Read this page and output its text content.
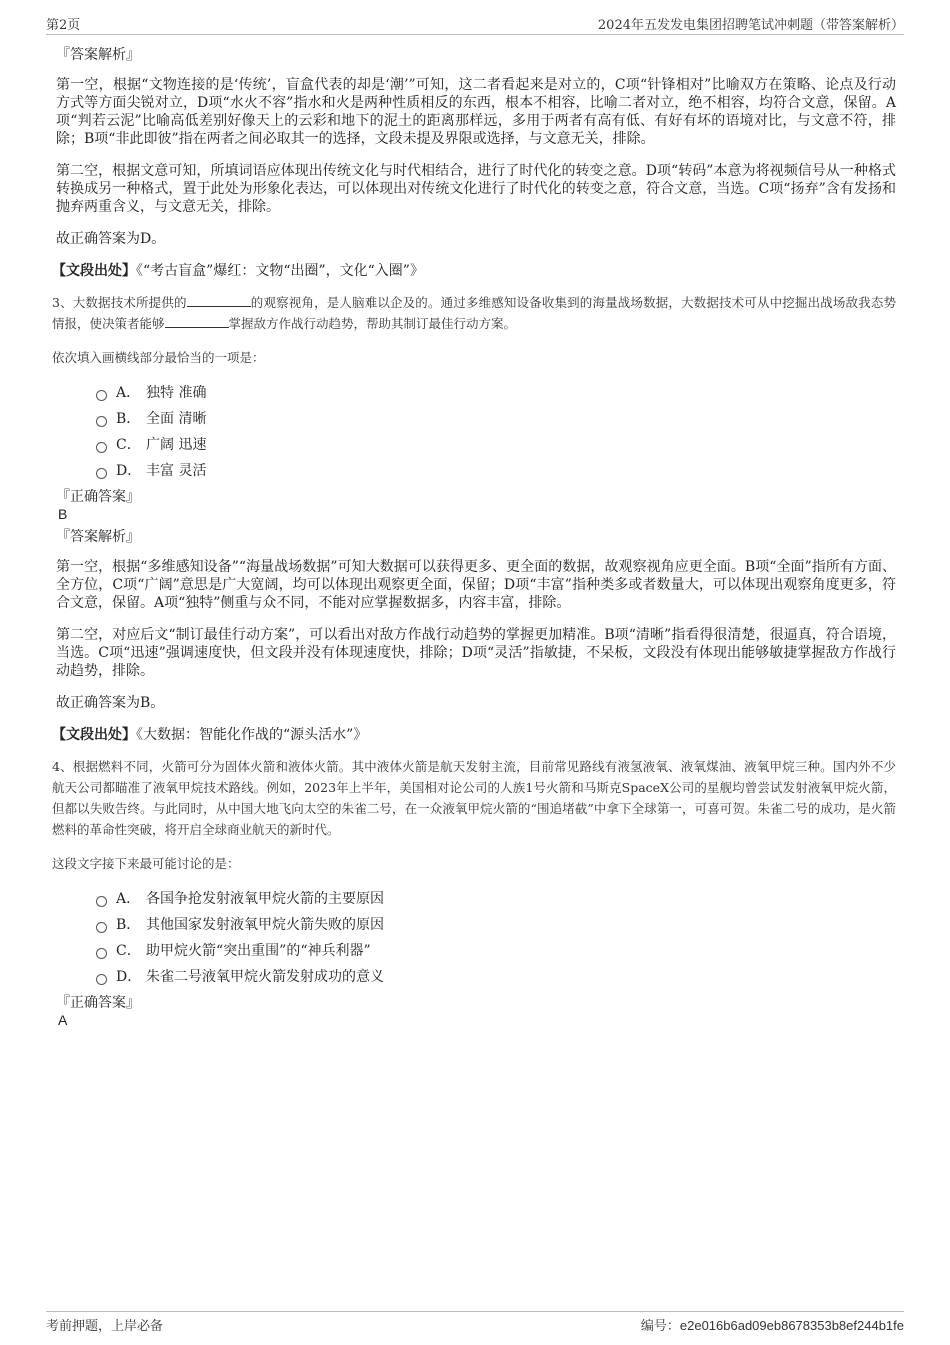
第2页	2024年五发发电集团招聘笔试冲刺题（带答案解析）
『答案解析』
第一空，根据“文物连接的是‘传统’，盲盒代表的却是‘潮’”可知，这二者看起来是对立的，C项“针锋相对”比喻双方在策略、论点及行动方式等方面尖锐对立，D项“水火不容”指水和火是两种性质相反的东西，根本不相容，比喻二者对立，绝不相容，均符合文意，保留。A项“判若云泥”比喻高低差别好像天上的云彩和地下的泥土的距离那样远，多用于两者有高有低、有好有坏的语境对比，与文意不符，排除；B项“非此即彼”指在两者之间必取其一的选择，文段未提及界限或选择，与文意无关，排除。
第二空，根据文意可知，所填词语应体现出传统文化与时代相结合，进行了时代化的转变之意。D项“转码”本意为将视频信号从一种格式转换成另一种格式，置于此处为形象化表达，可以体现出对传统文化进行了时代化的转变之意，符合文意，当选。C项“扬弃”含有发扬和抛弃两重含义，与文意无关，排除。
故正确答案为D。
【文段出处】《“考古盲盒”爆红：文物“出圈”，文化“入圈”》
3、大数据技术所提供的	的观察视角，是人脑难以企及的。通过多维感知设备收集到的海量战场数据，大数据技术可从中挖掘出战场敌我态势情报，使决策者能够	掌握敌方作战行动趋势，帮助其制订最佳行动方案。
依次填入画横线部分最恰当的一项是：
A． 独特 准确
B． 全面 清晰
C． 广阔 迅速
D． 丰富 灵活
『正确答案』
B
『答案解析』
第一空，根据“多维感知设备”“海量战场数据”可知大数据可以获得更多、更全面的数据，故观察视角应更全面。B项“全面”指所有方面、全方位，C项“广阔”意思是广大宽阔，均可以体现出观察更全面，保留；D项“丰富”指种类多或者数量大，可以体现出观察角度更多，符合文意，保留。A项“独特”侧重与众不同，不能对应掌握数据多，内容丰富，排除。
第二空，对应后文“制订最佳行动方案”，可以看出对敌方作战行动趋势的掌握更加精准。B项“清晰”指看得很清楚，很逼真，符合语境，当选。C项“迅速”强调速度快，但文段并没有体现速度快，排除；D项“灵活”指敏捷，不呆板，文段没有体现出能够敏捷掌握敌方作战行动趋势，排除。
故正确答案为B。
【文段出处】《大数据：智能化作战的“源头活水”》
4、根据燃料不同，火箭可分为固体火箭和液体火箭。其中液体火箭是航天发射主流，目前常见路线有液氢液氧、液氧煤油、液氧甲烷三种。国内外不少航天公司都瞄准了液氧甲烷技术路线。例如，2023年上半年，美国相对论公司的人族1号火箭和马斯克SpaceX公司的星舰均曾尝试发射液氧甲烷火箭，但都以失败告终。与此同时，从中国大地飞向太空的朱雀二号，在一众液氧甲烷火箭的“围追堵截”中拿下全球第一，可喜可贺。朱雀二号的成功，是火箭燃料的革命性突破，将开启全球商业航天的新时代。
这段文字接下来最可能讨论的是：
A． 各国争抢发射液氧甲烷火箭的主要原因
B． 其他国家发射液氧甲烷火箭失败的原因
C． 助甲烷火箭“突出重围”的“神兵利器”
D． 朱雀二号液氧甲烷火箭发射成功的意义
『正确答案』
A
考前押题，上岸必备	编号：e2e016b6ad09eb8678353b8ef244b1fe
